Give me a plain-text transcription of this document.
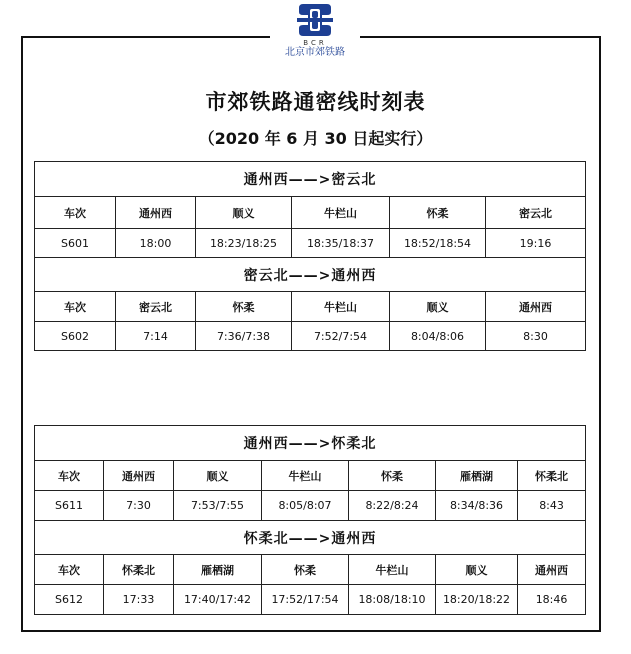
BCR
北京市郊铁路
市郊铁路通密线时刻表
（2020 年 6 月 30 日起实行）
通州西——>密云北					
车次	通州西	顺义	牛栏山	怀柔	密云北
S601	18:00	18:23/18:25	18:35/18:37	18:52/18:54	19:16
密云北——>通州西					
车次	密云北	怀柔	牛栏山	顺义	通州西
S602	7:14	7:36/7:38	7:52/7:54	8:04/8:06	8:30
通州西——>怀柔北						
车次	通州西	顺义	牛栏山	怀柔	雁栖湖	怀柔北
S611	7:30	7:53/7:55	8:05/8:07	8:22/8:24	8:34/8:36	8:43
怀柔北——>通州西						
车次	怀柔北	雁栖湖	怀柔	牛栏山	顺义	通州西
S612	17:33	17:40/17:42	17:52/17:54	18:08/18:10	18:20/18:22	18:46
